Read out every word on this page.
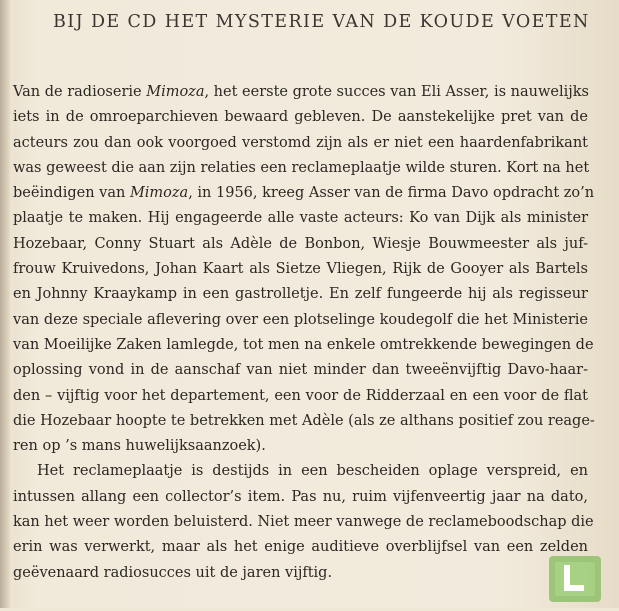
BIJ DE CD HET MYSTERIE VAN DE KOUDE VOETEN
Van de radioserie Mimoza, het eerste grote succes van Eli Asser, is nauwelijks
iets in de omroeparchieven bewaard gebleven. De aanstekelijke pret van de
acteurs zou dan ook voorgoed verstomd zijn als er niet een haardenfabrikant
was geweest die aan zijn relaties een reclameplaatje wilde sturen. Kort na het
beëindigen van Mimoza, in 1956, kreeg Asser van de firma Davo opdracht zo’n
plaatje te maken. Hij engageerde alle vaste acteurs: Ko van Dijk als minister
Hozebaar, Conny Stuart als Adèle de Bonbon, Wiesje Bouwmeester als juf-
frouw Kruivedons, Johan Kaart als Sietze Vliegen, Rijk de Gooyer als Bartels
en Johnny Kraaykamp in een gastrolletje. En zelf fungeerde hij als regisseur
van deze speciale aflevering over een plotselinge koudegolf die het Ministerie
van Moeilijke Zaken lamlegde, tot men na enkele omtrekkende bewegingen de
oplossing vond in de aanschaf van niet minder dan tweeënvijftig Davo-haar-
den – vijftig voor het departement, een voor de Ridderzaal en een voor de flat
die Hozebaar hoopte te betrekken met Adèle (als ze althans positief zou reage-
ren op ’s mans huwelijksaanzoek).
Het reclameplaatje is destijds in een bescheiden oplage verspreid, en
intussen allang een collector’s item. Pas nu, ruim vijfenveertig jaar na dato,
kan het weer worden beluisterd. Niet meer vanwege de reclameboodschap die
erin was verwerkt, maar als het enige auditieve overblijfsel van een zelden
geëvenaard radiosucces uit de jaren vijftig.
